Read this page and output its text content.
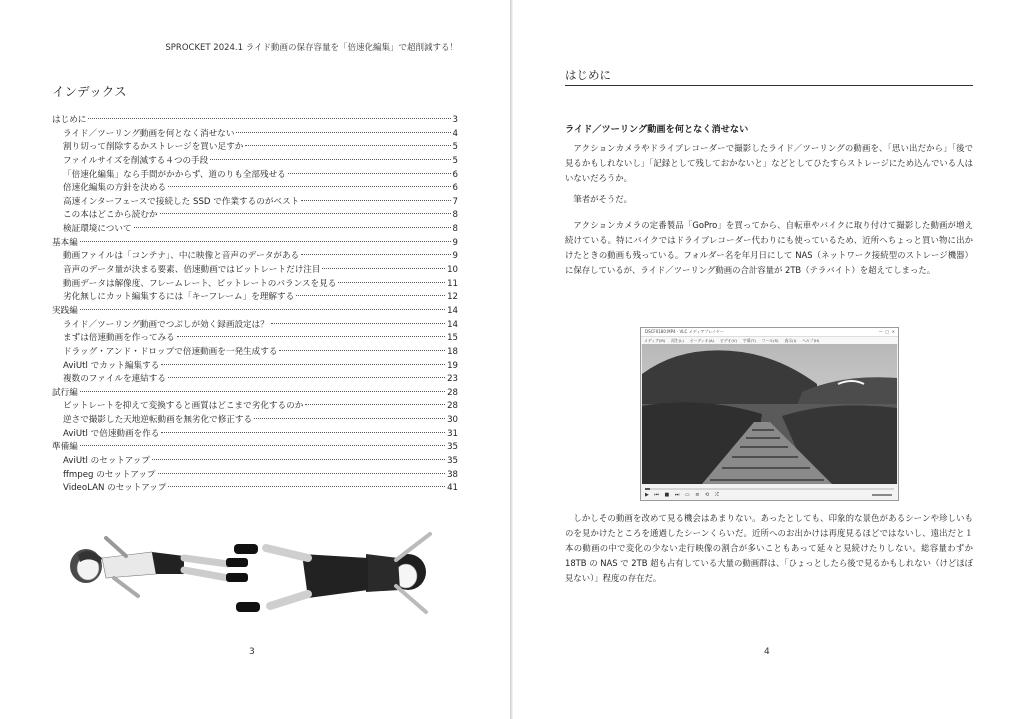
SPROCKET 2024.1 ライド動画の保存容量を「倍速化編集」で超削減する！
インデックス
はじめに	3
ライド／ツーリング動画を何となく消せない	4
割り切って削除するかストレージを買い足すか	5
ファイルサイズを削減する４つの手段	5
「倍速化編集」なら手間がかからず、道のりも全部残せる	6
倍速化編集の方針を決める	6
高速インターフェースで接続した SSD で作業するのがベスト	7
この本はどこから読むか	8
検証環境について	8
基本編	9
動画ファイルは「コンテナ」、中に映像と音声のデータがある	9
音声のデータ量が決まる要素、倍速動画ではビットレートだけ注目	10
動画データは解像度、フレームレート、ビットレートのバランスを見る	11
劣化無しにカット編集するには「キーフレーム」を理解する	12
実践編	14
ライド／ツーリング動画でつぶしが効く録画設定は？	14
まずは倍速動画を作ってみる	15
ドラッグ・アンド・ドロップで倍速動画を一発生成する	18
AviUtl でカット編集する	19
複数のファイルを連結する	23
試行編	28
ビットレートを抑えて変換すると画質はどこまで劣化するのか	28
逆さで撮影した天地逆転動画を無劣化で修正する	30
AviUtl で倍速動画を作る	31
準備編	35
AviUtl のセットアップ	35
ffmpeg のセットアップ	38
VideoLAN のセットアップ	41
3
はじめに
ライド／ツーリング動画を何となく消せない

アクションカメラやドライブレコーダーで撮影したライド／ツーリングの動画を、「思い出だから」「後で見るかもしれないし」「記録として残しておかないと」などとしてひたすらストレージにため込んでいる人はいないだろうか。

筆者がそうだ。

アクションカメラの定番製品「GoPro」を買ってから、自転車やバイクに取り付けて撮影した動画が増え続けている。特にバイクではドライブレコーダー代わりにも使っているため、近所へちょっと買い物に出かけたときの動画も残っている。フォルダー名を年月日にして NAS（ネットワーク接続型のストレージ機器）に保存しているが、ライド／ツーリング動画の合計容量が 2TB（テラバイト）を超えてしまった。

DSCF0180.MP4 - VLC メディアプレイヤー	—  □  ✕
メディア(M) 再生(L) オーディオ(A) ビデオ(V) 字幕(T) ツール(S) 表示(I) ヘルプ(H)
▶ ⏮ ■ ⏭ ▭ ≡ ⟲ ⤮

しかしその動画を改めて見る機会はあまりない。あったとしても、印象的な景色があるシーンや珍しいものを見かけたところを通過したシーンくらいだ。近所へのお出かけは再度見るほどではないし、遠出だと１本の動画の中で変化の少ない走行映像の割合が多いこともあって延々と見続けたりしない。総容量わずか 18TB の NAS で 2TB 超も占有している大量の動画群は、「ひょっとしたら後で見るかもしれない（けどほぼ見ない）」程度の存在だ。

4
